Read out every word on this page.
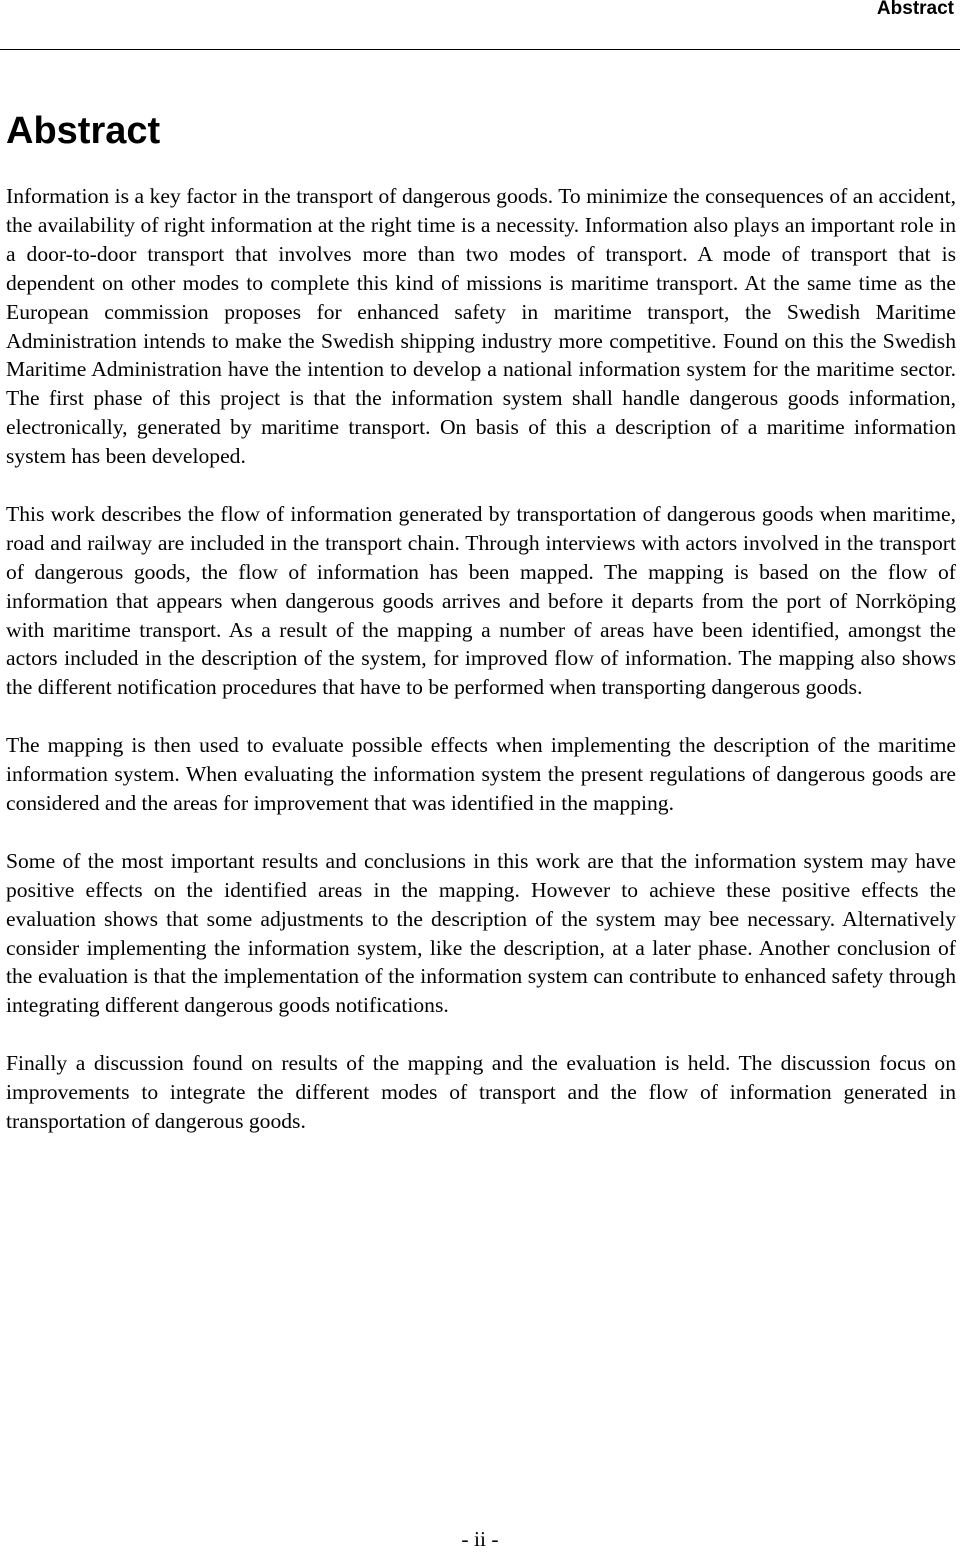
Abstract
Abstract

Information is a key factor in the transport of dangerous goods. To minimize the consequences of an accident, the availability of right information at the right time is a necessity. Information also plays an important role in a door-to-door transport that involves more than two modes of transport. A mode of transport that is dependent on other modes to complete this kind of missions is maritime transport. At the same time as the European commission proposes for enhanced safety in maritime transport, the Swedish Maritime Administration intends to make the Swedish shipping industry more competitive. Found on this the Swedish Maritime Administration have the intention to develop a national information system for the maritime sector. The first phase of this project is that the information system shall handle dangerous goods information, electronically, generated by maritime transport. On basis of this a description of a maritime information system has been developed.

This work describes the flow of information generated by transportation of dangerous goods when maritime, road and railway are included in the transport chain. Through interviews with actors involved in the transport of dangerous goods, the flow of information has been mapped. The mapping is based on the flow of information that appears when dangerous goods arrives and before it departs from the port of Norrköping with maritime transport. As a result of the mapping a number of areas have been identified, amongst the actors included in the description of the system, for improved flow of information. The mapping also shows the different notification procedures that have to be performed when transporting dangerous goods.

The mapping is then used to evaluate possible effects when implementing the description of the maritime information system. When evaluating the information system the present regulations of dangerous goods are considered and the areas for improvement that was identified in the mapping.

Some of the most important results and conclusions in this work are that the information system may have positive effects on the identified areas in the mapping. However to achieve these positive effects the evaluation shows that some adjustments to the description of the system may bee necessary. Alternatively consider implementing the information system, like the description, at a later phase. Another conclusion of the evaluation is that the implementation of the information system can contribute to enhanced safety through integrating different dangerous goods notifications.

Finally a discussion found on results of the mapping and the evaluation is held. The discussion focus on improvements to integrate the different modes of transport and the flow of information generated in transportation of dangerous goods.

- ii -
